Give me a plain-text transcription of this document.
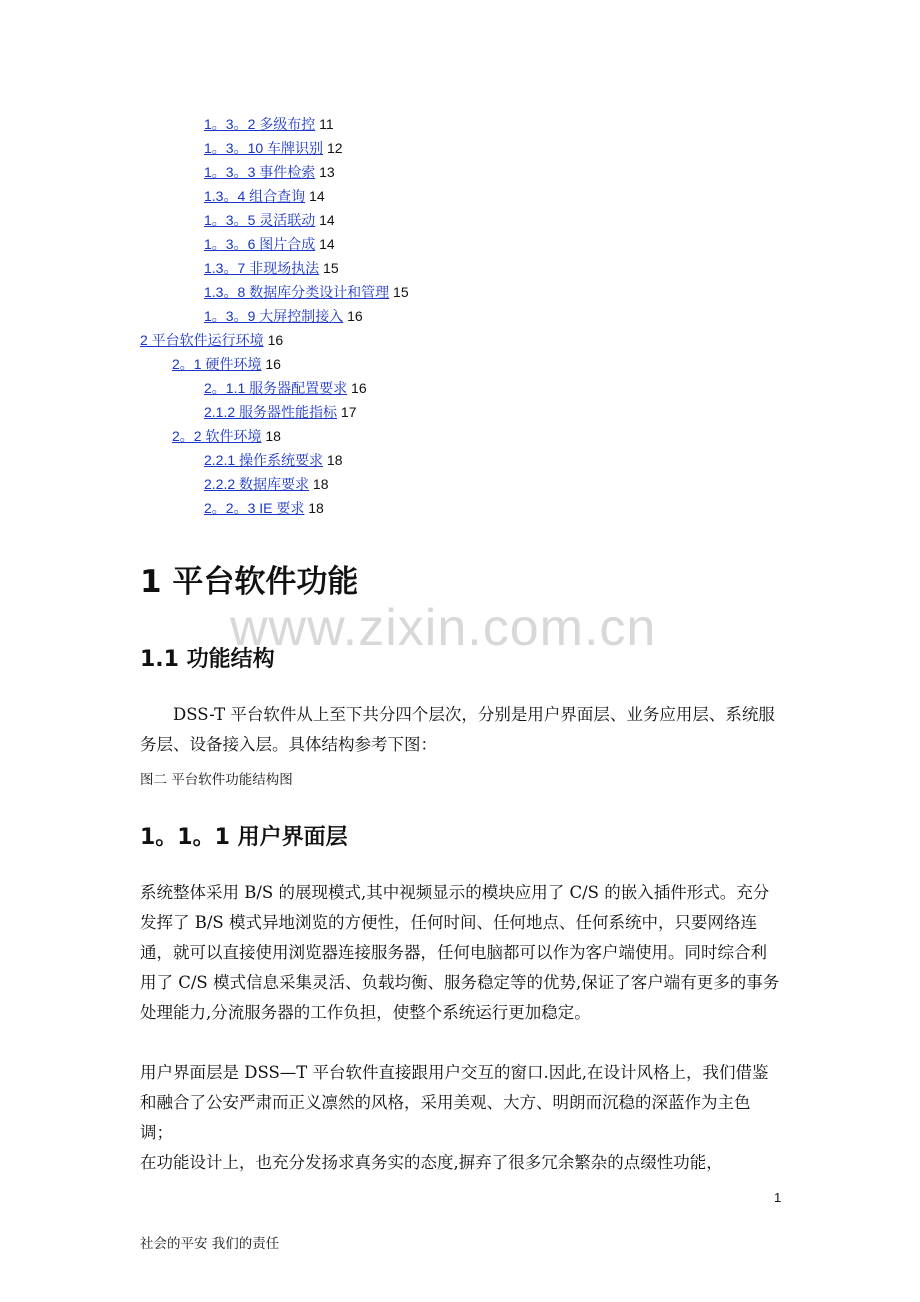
1。3。2 多级布控 11
1。3。10 车牌识别 12
1。3。3 事件检索 13
1.3。4 组合查询 14
1。3。5 灵活联动 14
1。3。6 图片合成 14
1.3。7 非现场执法 15
1.3。8 数据库分类设计和管理 15
1。3。9 大屏控制接入 16
2 平台软件运行环境 16
2。1 硬件环境 16
2。1.1 服务器配置要求 16
2.1.2 服务器性能指标 17
2。2 软件环境 18
2.2.1 操作系统要求 18
2.2.2 数据库要求 18
2。2。3 IE 要求 18
www.zixin.com.cn
1 平台软件功能
1.1 功能结构

DSS-T 平台软件从上至下共分四个层次，分别是用户界面层、业务应用层、系统服务层、设备接入层。具体结构参考下图：

图二 平台软件功能结构图

1。1。1 用户界面层

系统整体采用 B/S 的展现模式,其中视频显示的模块应用了 C/S 的嵌入插件形式。充分发挥了 B/S 模式异地浏览的方便性，任何时间、任何地点、任何系统中，只要网络连通，就可以直接使用浏览器连接服务器，任何电脑都可以作为客户端使用。同时综合利用了 C/S 模式信息采集灵活、负载均衡、服务稳定等的优势,保证了客户端有更多的事务处理能力,分流服务器的工作负担，使整个系统运行更加稳定。

用户界面层是 DSS—T 平台软件直接跟用户交互的窗口.因此,在设计风格上，我们借鉴和融合了公安严肃而正义凛然的风格，采用美观、大方、明朗而沉稳的深蓝作为主色调；

在功能设计上，也充分发扬求真务实的态度,摒弃了很多冗余繁杂的点缀性功能，

1
社会的平安 我们的责任
